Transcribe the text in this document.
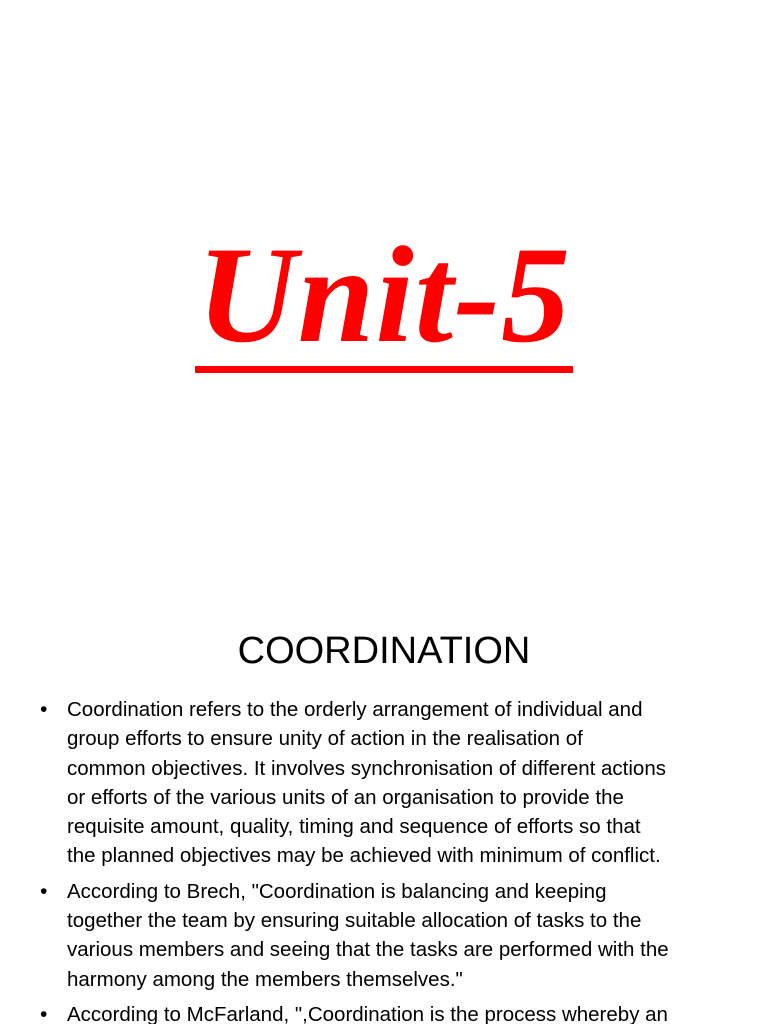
Unit-5
COORDINATION
• Coordination refers to the orderly arrangement of individual and
group efforts to ensure unity of action in the realisation of
common objectives. It involves synchronisation of different actions
or efforts of the various units of an organisation to provide the
requisite amount, quality, timing and sequence of efforts so that
the planned objectives may be achieved with minimum of conflict.
• According to Brech, "Coordination is balancing and keeping
together the team by ensuring suitable allocation of tasks to the
various members and seeing that the tasks are performed with the
harmony among the members themselves."
• According to McFarland, ",Coordination is the process whereby an
